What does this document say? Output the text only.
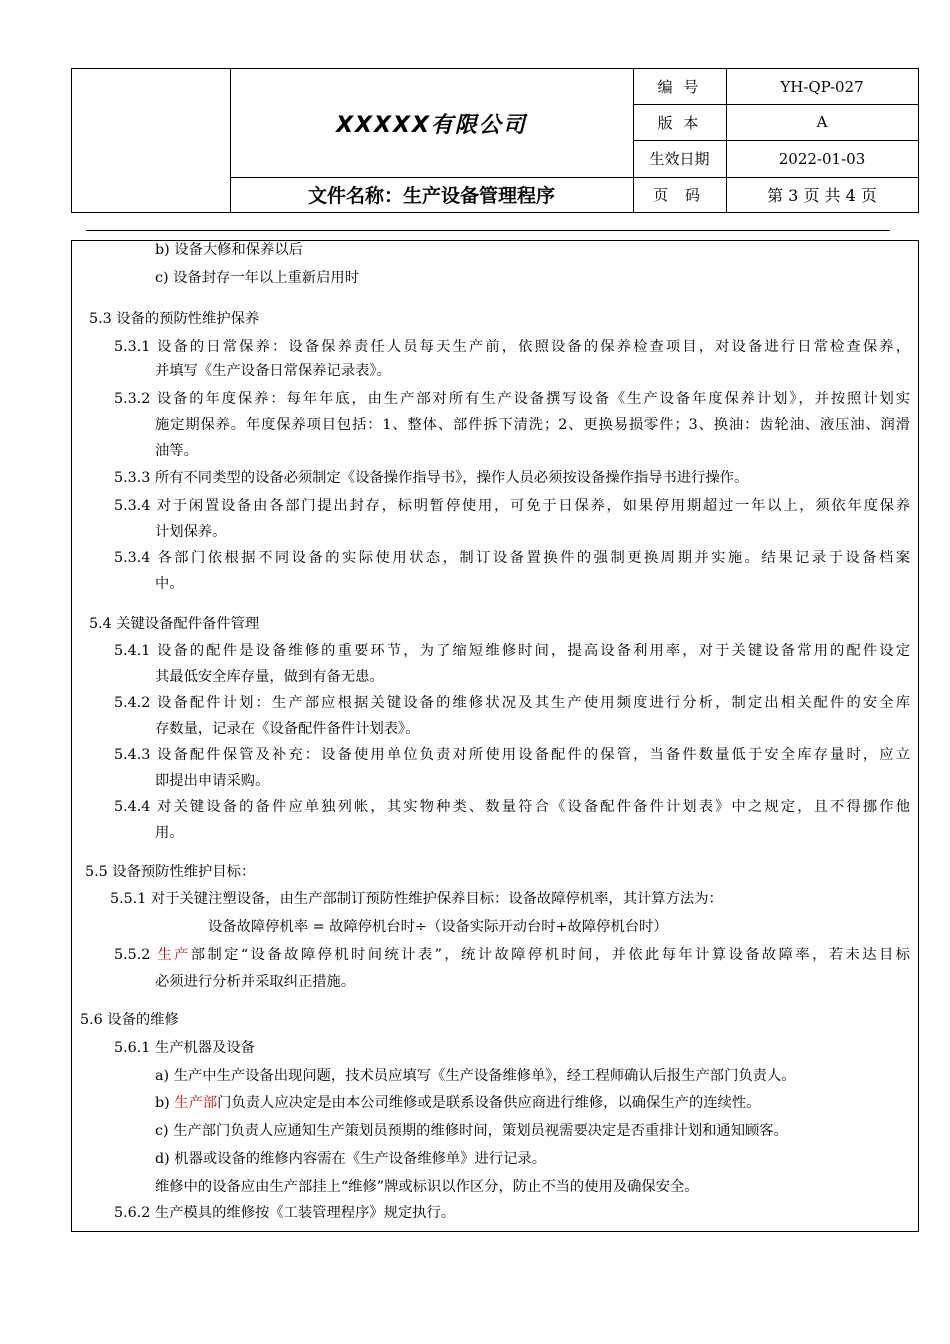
XXXXX有限公司
文件名称：生产设备管理程序
编 号	YH-QP-027
版 本	A
生效日期	2022-01-03
页 码	第 3 页 共 4 页
b) 设备大修和保养以后
c) 设备封存一年以上重新启用时
5.3 设备的预防性维护保养
5.3.1 设备的日常保养：设备保养责任人员每天生产前，依照设备的保养检查项目，对设备进行日常检查保养，
并填写《生产设备日常保养记录表》。
5.3.2 设备的年度保养：每年年底，由生产部对所有生产设备撰写设备《生产设备年度保养计划》，并按照计划实
施定期保养。年度保养项目包括：1、整体、部件拆下清洗；2、更换易损零件；3、换油：齿轮油、液压油、润滑
油等。
5.3.3 所有不同类型的设备必须制定《设备操作指导书》，操作人员必须按设备操作指导书进行操作。
5.3.4 对于闲置设备由各部门提出封存，标明暂停使用，可免于日保养，如果停用期超过一年以上，须依年度保养
计划保养。
5.3.4 各部门依根据不同设备的实际使用状态，制订设备置换件的强制更换周期并实施。结果记录于设备档案
中。
5.4 关键设备配件备件管理
5.4.1 设备的配件是设备维修的重要环节，为了缩短维修时间，提高设备利用率，对于关键设备常用的配件设定
其最低安全库存量，做到有备无患。
5.4.2 设备配件计划：生产部应根据关键设备的维修状况及其生产使用频度进行分析，制定出相关配件的安全库
存数量，记录在《设备配件备件计划表》。
5.4.3 设备配件保管及补充：设备使用单位负责对所使用设备配件的保管，当备件数量低于安全库存量时，应立
即提出申请采购。
5.4.4 对关键设备的备件应单独列帐，其实物种类、数量符合《设备配件备件计划表》中之规定，且不得挪作他
用。
5.5 设备预防性维护目标：
5.5.1 对于关键注塑设备，由生产部制订预防性维护保养目标：设备故障停机率，其计算方法为：
设备故障停机率 = 故障停机台时÷（设备实际开动台时+故障停机台时）
5.5.2 生产部制定“设备故障停机时间统计表”，统计故障停机时间，并依此每年计算设备故障率，若未达目标
必须进行分析并采取纠正措施。
5.6 设备的维修
5.6.1 生产机器及设备
a) 生产中生产设备出现问题，技术员应填写《生产设备维修单》，经工程师确认后报生产部门负责人。
b) 生产部门负责人应决定是由本公司维修或是联系设备供应商进行维修，以确保生产的连续性。
c) 生产部门负责人应通知生产策划员预期的维修时间，策划员视需要决定是否重排计划和通知顾客。
d) 机器或设备的维修内容需在《生产设备维修单》进行记录。
维修中的设备应由生产部挂上“维修”牌或标识以作区分，防止不当的使用及确保安全。
5.6.2 生产模具的维修按《工装管理程序》规定执行。
